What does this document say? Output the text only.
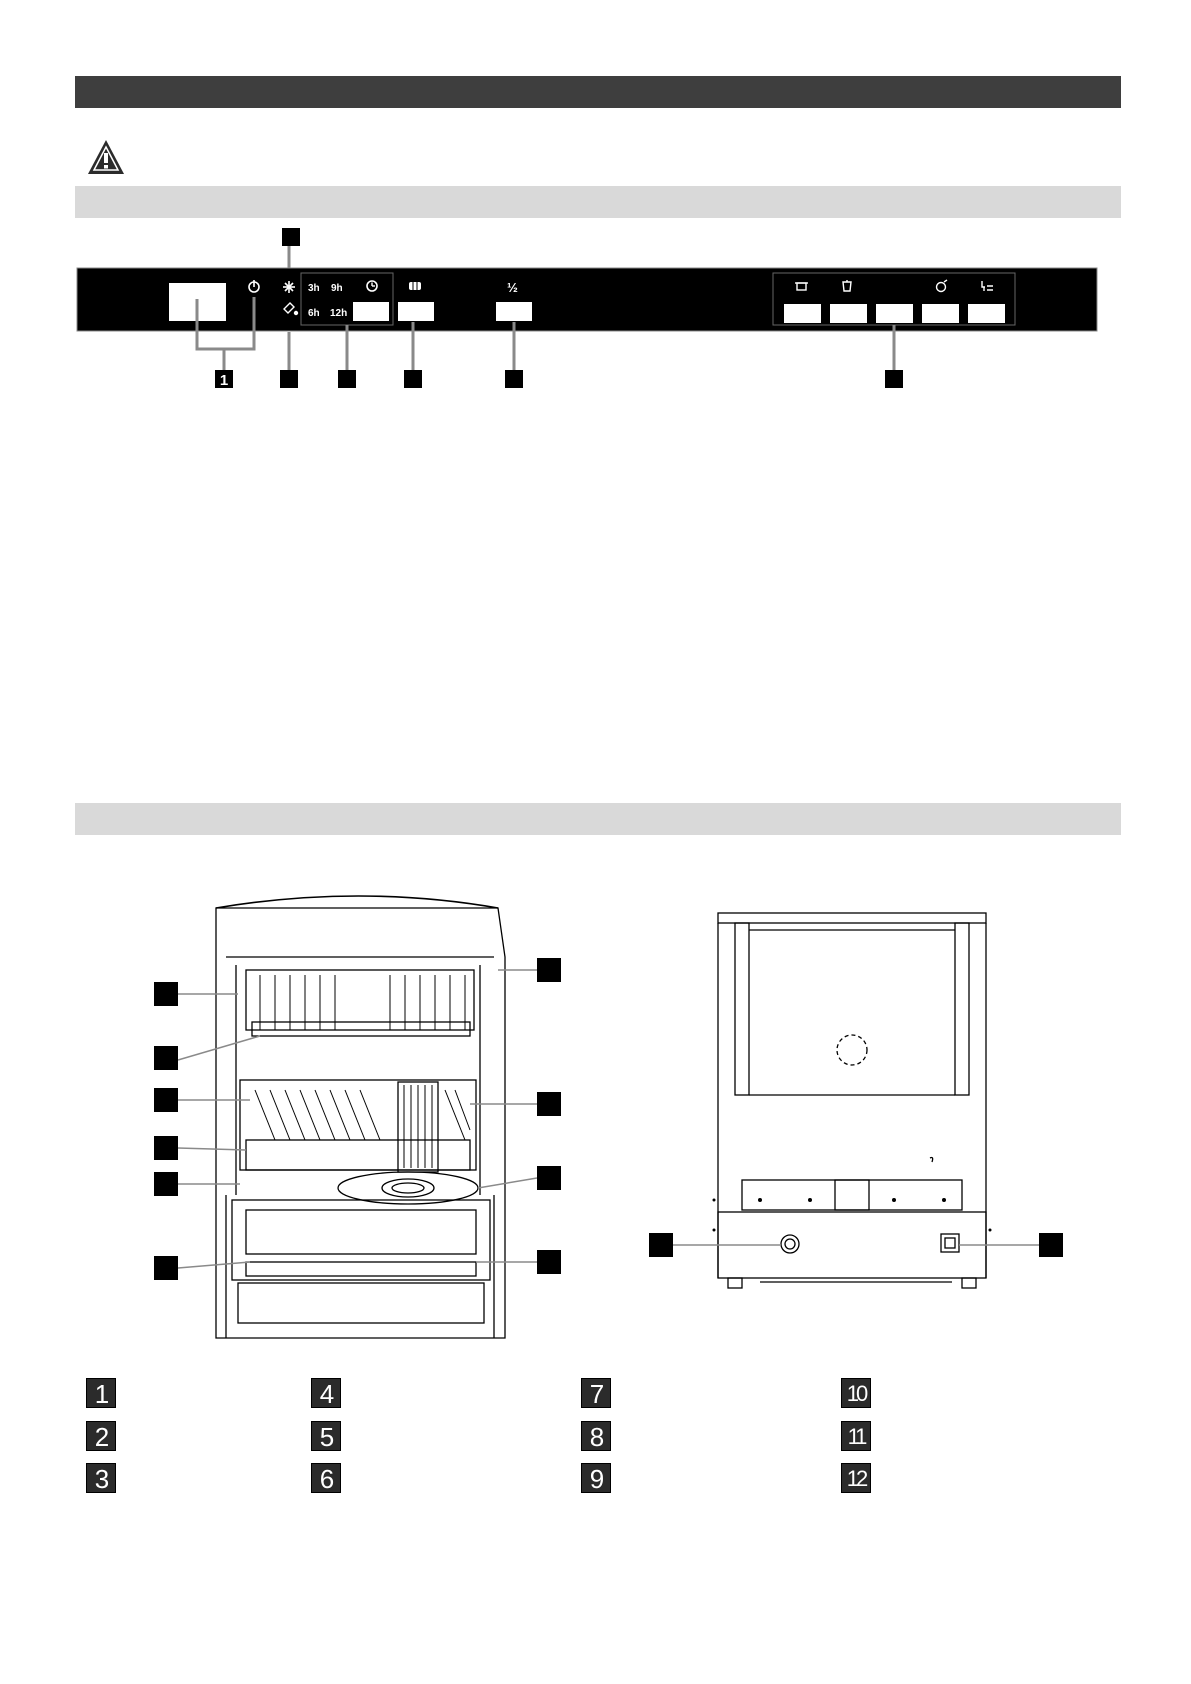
3h 9h
6h 12h
½
1
1
2
3
4
5
6
7
8
9
10
11
12
